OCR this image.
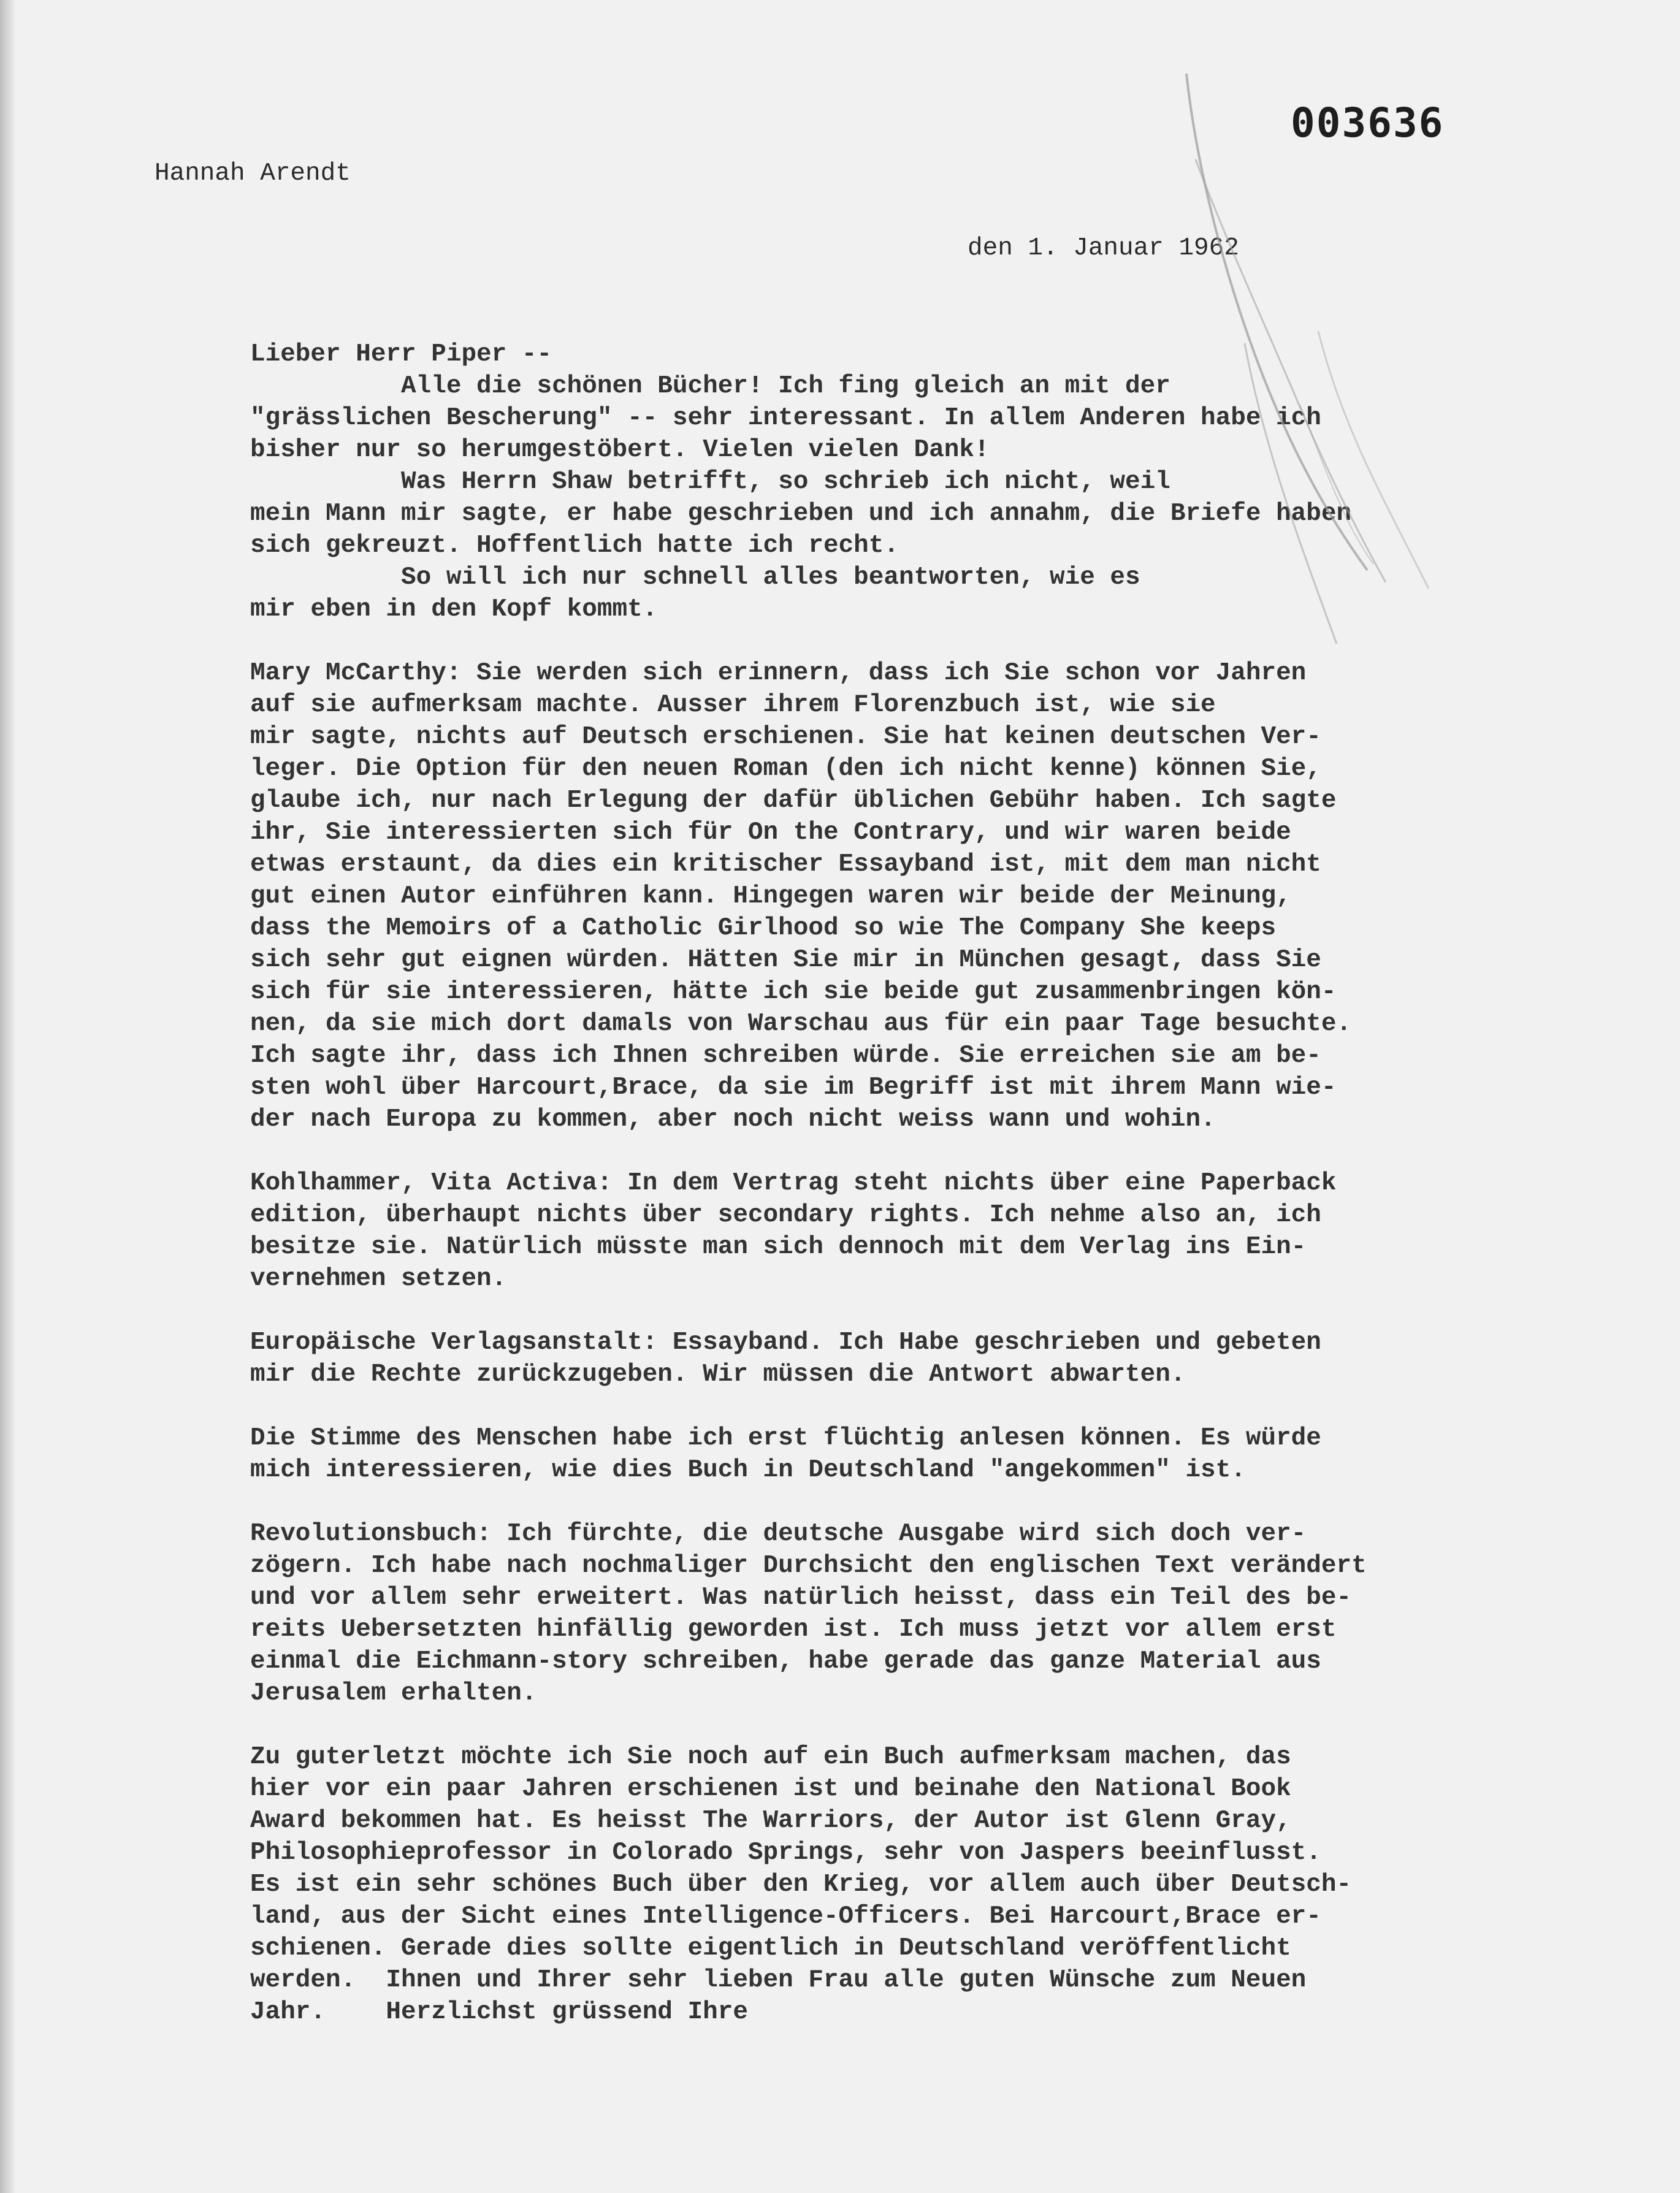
003636
Hannah Arendt
den 1. Januar 1962
Lieber Herr Piper --
Alle die schönen Bücher! Ich fing gleich an mit der
"grässlichen Bescherung" -- sehr interessant. In allem Anderen habe ich
bisher nur so herumgestöbert. Vielen vielen Dank!
Was Herrn Shaw betrifft, so schrieb ich nicht, weil
mein Mann mir sagte, er habe geschrieben und ich annahm, die Briefe haben
sich gekreuzt. Hoffentlich hatte ich recht.
So will ich nur schnell alles beantworten, wie es
mir eben in den Kopf kommt.
Mary McCarthy: Sie werden sich erinnern, dass ich Sie schon vor Jahren
auf sie aufmerksam machte. Ausser ihrem Florenzbuch ist, wie sie
mir sagte, nichts auf Deutsch erschienen. Sie hat keinen deutschen Ver-
leger. Die Option für den neuen Roman (den ich nicht kenne) können Sie,
glaube ich, nur nach Erlegung der dafür üblichen Gebühr haben. Ich sagte
ihr, Sie interessierten sich für On the Contrary, und wir waren beide
etwas erstaunt, da dies ein kritischer Essayband ist, mit dem man nicht
gut einen Autor einführen kann. Hingegen waren wir beide der Meinung,
dass the Memoirs of a Catholic Girlhood so wie The Company She keeps
sich sehr gut eignen würden. Hätten Sie mir in München gesagt, dass Sie
sich für sie interessieren, hätte ich sie beide gut zusammenbringen kön-
nen, da sie mich dort damals von Warschau aus für ein paar Tage besuchte.
Ich sagte ihr, dass ich Ihnen schreiben würde. Sie erreichen sie am be-
sten wohl über Harcourt,Brace, da sie im Begriff ist mit ihrem Mann wie-
der nach Europa zu kommen, aber noch nicht weiss wann und wohin.
Kohlhammer, Vita Activa: In dem Vertrag steht nichts über eine Paperback
edition, überhaupt nichts über secondary rights. Ich nehme also an, ich
besitze sie. Natürlich müsste man sich dennoch mit dem Verlag ins Ein-
vernehmen setzen.
Europäische Verlagsanstalt: Essayband. Ich Habe geschrieben und gebeten
mir die Rechte zurückzugeben. Wir müssen die Antwort abwarten.
Die Stimme des Menschen habe ich erst flüchtig anlesen können. Es würde
mich interessieren, wie dies Buch in Deutschland "angekommen" ist.
Revolutionsbuch: Ich fürchte, die deutsche Ausgabe wird sich doch ver-
zögern. Ich habe nach nochmaliger Durchsicht den englischen Text verändert
und vor allem sehr erweitert. Was natürlich heisst, dass ein Teil des be-
reits Uebersetzten hinfällig geworden ist. Ich muss jetzt vor allem erst
einmal die Eichmann-story schreiben, habe gerade das ganze Material aus
Jerusalem erhalten.
Zu guterletzt möchte ich Sie noch auf ein Buch aufmerksam machen, das
hier vor ein paar Jahren erschienen ist und beinahe den National Book
Award bekommen hat. Es heisst The Warriors, der Autor ist Glenn Gray,
Philosophieprofessor in Colorado Springs, sehr von Jaspers beeinflusst.
Es ist ein sehr schönes Buch über den Krieg, vor allem auch über Deutsch-
land, aus der Sicht eines Intelligence-Officers. Bei Harcourt,Brace er-
schienen. Gerade dies sollte eigentlich in Deutschland veröffentlicht
werden.  Ihnen und Ihrer sehr lieben Frau alle guten Wünsche zum Neuen
Jahr.    Herzlichst grüssend Ihre
